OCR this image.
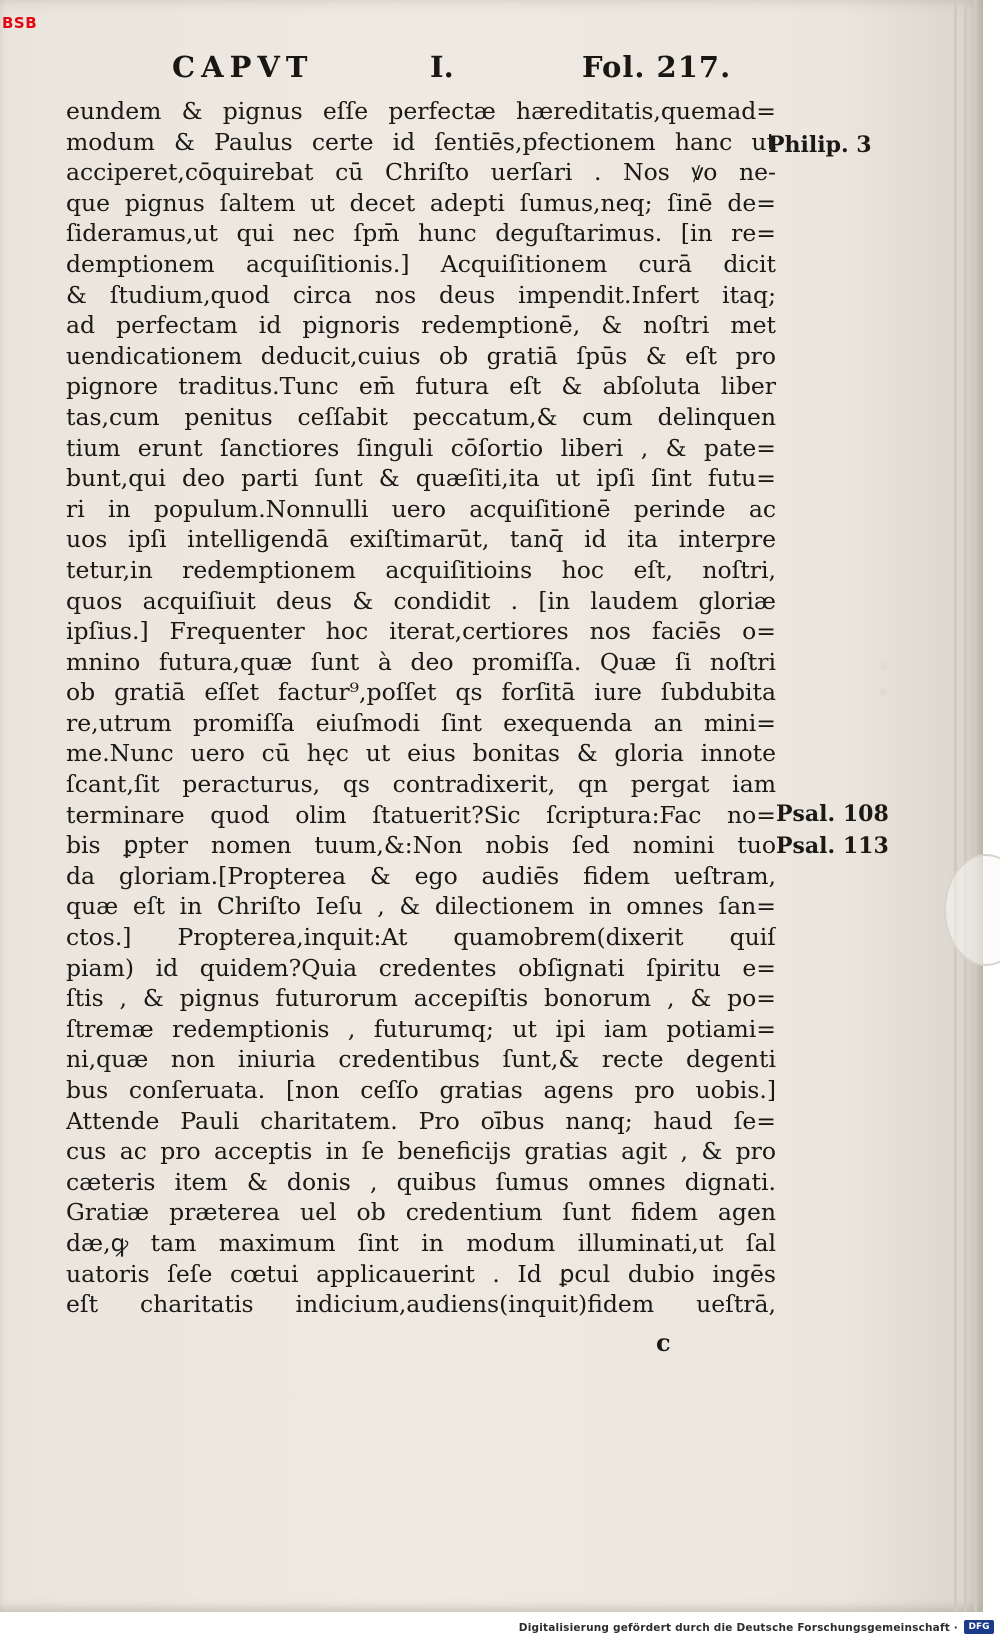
BSB
CAPVT	I.	Fol. 217.
eundem & pignus eſſe perfectæ hæreditatis,quemad=
modum & Paulus certe id ſentiēs,pfectionem hanc ut
acciperet,cōquirebat cū Chriſto uerſari . Nos ꝟo ne-
que pignus ſaltem ut decet adepti ſumus,neq; ſinē de=
ſideramus,ut qui nec ſpm̄ hunc deguſtarimus. [in re=
demptionem acquiſitionis.] Acquiſitionem curā dicit
& ſtudium,quod circa nos deus impendit.Infert itaq;
ad perfectam id pignoris redemptionē, & noſtri met
uendicationem deducit,cuius ob gratiā ſpūs & eſt pro
pignore traditus.Tunc em̄ futura eſt & abſoluta liber
tas,cum penitus ceſſabit peccatum,& cum delinquen
tium erunt ſanctiores ſinguli cōſortio liberi , & pate=
bunt,qui deo parti ſunt & quæſiti,ita ut ipſi ſint futu=
ri in populum.Nonnulli uero acquiſitionē perinde ac
uos ipſi intelligendā exiſtimarūt, tanq̄ id ita interpre
tetur,in redemptionem acquiſitioins hoc eſt, noſtri,
quos acquiſiuit deus & condidit . [in laudem gloriæ
ipſius.] Frequenter hoc iterat,certiores nos faciēs o=
mnino futura,quæ ſunt à deo promiſſa. Quæ ſi noſtri
ob gratiā eſſet factur⁹,poſſet qs forſitā iure ſubdubita
re,utrum promiſſa eiuſmodi ſint exequenda an mini=
me.Nunc uero cū hęc ut eius bonitas & gloria innote
ſcant,ſit peracturus, qs contradixerit, qn pergat iam
terminare quod olim ſtatuerit?Sic ſcriptura:Fac no=
bis ꝑpter nomen tuum,&:Non nobis ſed nomini tuo
da gloriam.[Propterea & ego audiēs fidem ueſtram,
quæ eſt in Chriſto Ieſu , & dilectionem in omnes ſan=
ctos.] Propterea,inquit:At quamobrem(dixerit quiſ
piam) id quidem?Quia credentes obſignati ſpiritu e=
ſtis , & pignus futurorum accepiſtis bonorum , & po=
ſtremæ redemptionis , futurumq; ut ipi iam potiami=
ni,quæ non iniuria credentibus ſunt,& recte degenti
bus conſeruata. [non ceſſo gratias agens pro uobis.]
Attende Pauli charitatem. Pro oībus nanq; haud ſe=
cus ac pro acceptis in ſe beneficijs gratias agit , & pro
cæteris item & donis , quibus ſumus omnes dignati.
Gratiæ præterea uel ob credentium ſunt fidem agen
dæ,ꝙ tam maximum ſint in modum illuminati,ut ſal
uatoris ſeſe cœtui applicauerint . Id ꝑcul dubio ingēs
eſt charitatis indicium,audiens(inquit)fidem ueſtrā,
Philip. 3
Psal. 108
Psal. 113
c
◦
◦
Digitalisierung gefördert durch die Deutsche Forschungsgemeinschaft ·	DFG
